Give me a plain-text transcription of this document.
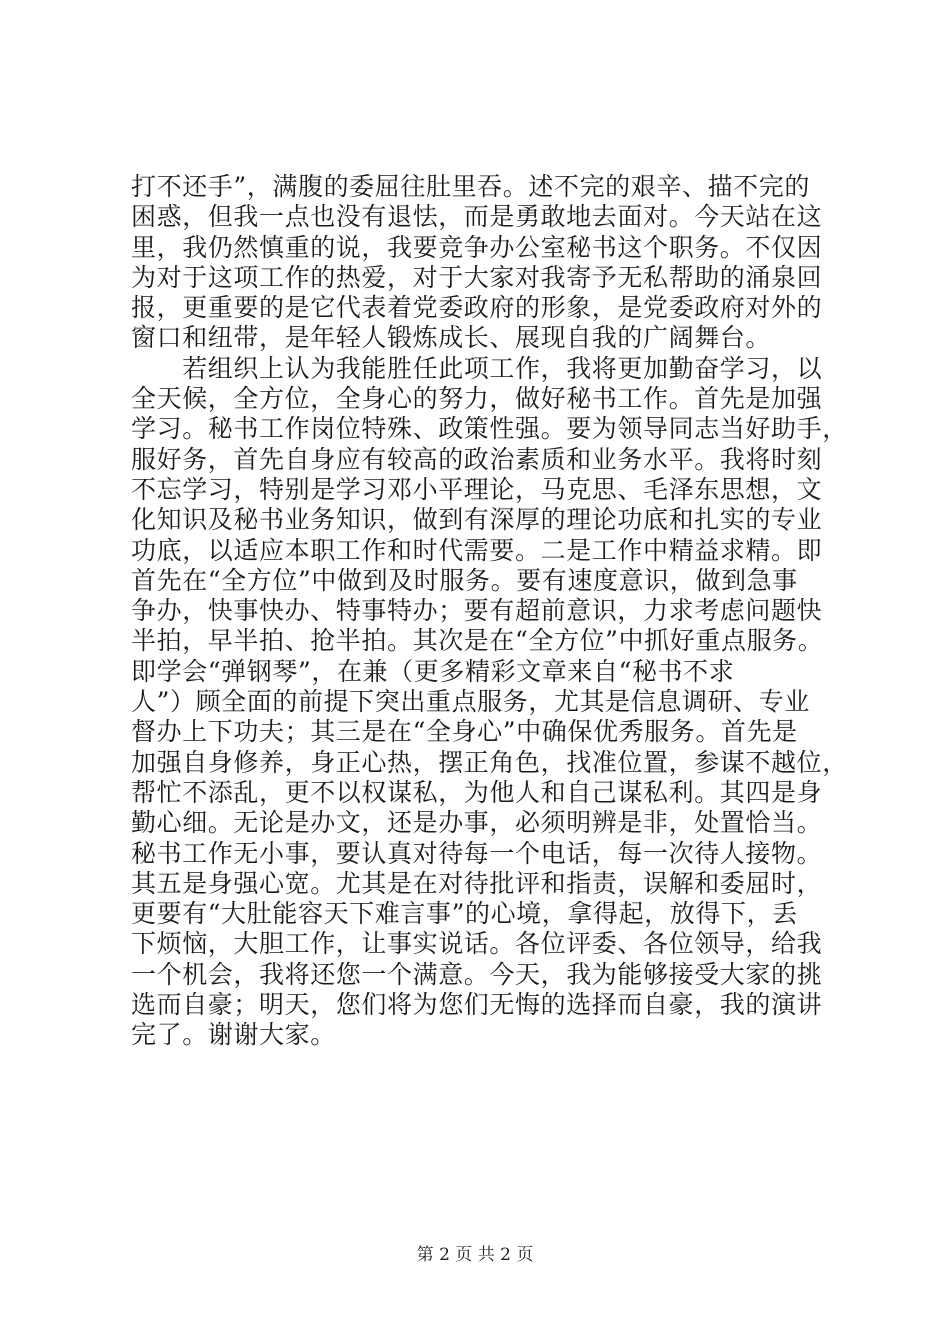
打不还手”，满腹的委屈往肚里吞。述不完的艰辛、描不完的
困惑，但我一点也没有退怯，而是勇敢地去面对。今天站在这
里，我仍然慎重的说，我要竞争办公室秘书这个职务。不仅因
为对于这项工作的热爱，对于大家对我寄予无私帮助的涌泉回
报，更重要的是它代表着党委政府的形象，是党委政府对外的
窗口和纽带，是年轻人锻炼成长、展现自我的广阔舞台。
　　若组织上认为我能胜任此项工作，我将更加勤奋学习，以
全天候，全方位，全身心的努力，做好秘书工作。首先是加强
学习。秘书工作岗位特殊、政策性强。要为领导同志当好助手，
服好务，首先自身应有较高的政治素质和业务水平。我将时刻
不忘学习，特别是学习邓小平理论，马克思、毛泽东思想，文
化知识及秘书业务知识，做到有深厚的理论功底和扎实的专业
功底，以适应本职工作和时代需要。二是工作中精益求精。即
首先在“全方位”中做到及时服务。要有速度意识，做到急事
争办，快事快办、特事特办；要有超前意识，力求考虑问题快
半拍，早半拍、抢半拍。其次是在“全方位”中抓好重点服务。
即学会“弹钢琴”，在兼（更多精彩文章来自“秘书不求
人”）顾全面的前提下突出重点服务，尤其是信息调研、专业
督办上下功夫；其三是在“全身心”中确保优秀服务。首先是
加强自身修养，身正心热，摆正角色，找准位置，参谋不越位，
帮忙不添乱，更不以权谋私，为他人和自己谋私利。其四是身
勤心细。无论是办文，还是办事，必须明辨是非，处置恰当。
秘书工作无小事，要认真对待每一个电话，每一次待人接物。
其五是身强心宽。尤其是在对待批评和指责，误解和委屈时，
更要有“大肚能容天下难言事”的心境，拿得起，放得下，丢
下烦恼，大胆工作，让事实说话。各位评委、各位领导，给我
一个机会，我将还您一个满意。今天，我为能够接受大家的挑
选而自豪；明天，您们将为您们无悔的选择而自豪，我的演讲
完了。谢谢大家。
第 2 页 共 2 页
